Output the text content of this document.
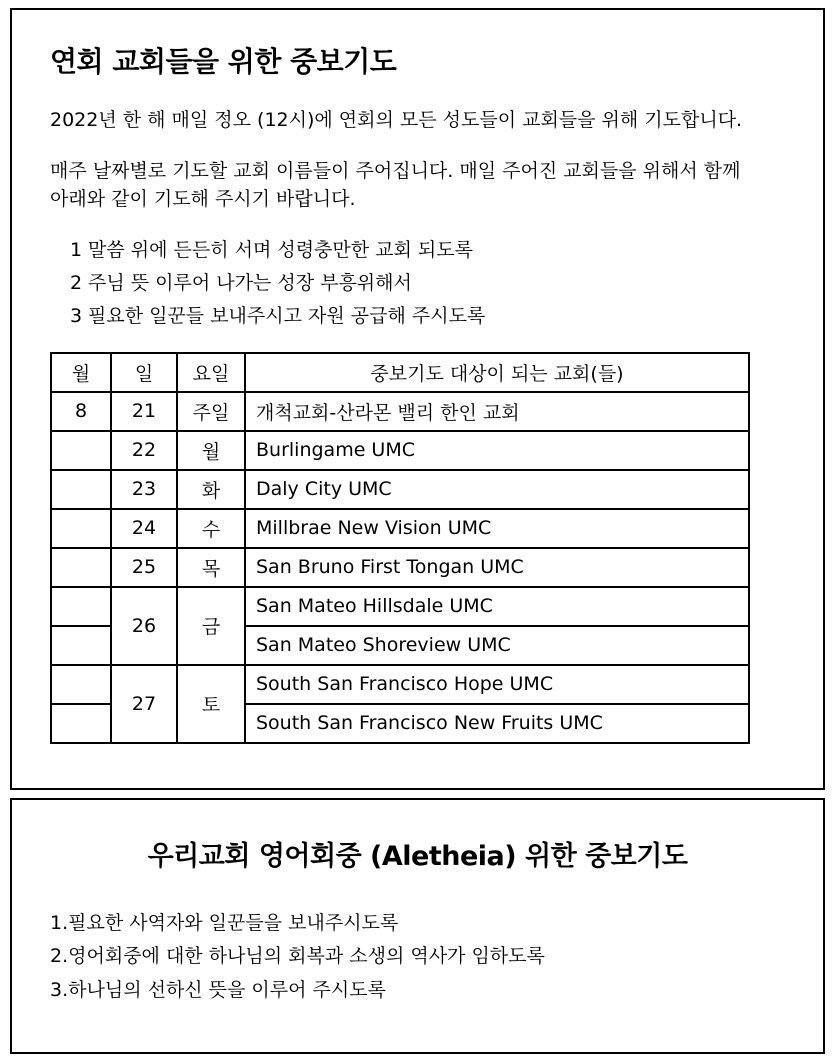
연회 교회들을 위한 중보기도

2022년 한 해 매일 정오 (12시)에 연회의 모든 성도들이 교회들을 위해 기도합니다.

매주 날짜별로 기도할 교회 이름들이 주어집니다. 매일 주어진 교회들을 위해서 함께 아래와 같이 기도해 주시기 바랍니다.

1 말씀 위에 든든히 서며 성령충만한 교회 되도록
2 주님 뜻 이루어 나가는 성장 부흥위해서
3 필요한 일꾼들 보내주시고 자원 공급해 주시도록
월	일	요일	중보기도 대상이 되는 교회(들)
8	21	주일	개척교회-산라몬 밸리 한인 교회
	22	월	Burlingame UMC
	23	화	Daly City UMC
	24	수	Millbrae New Vision UMC
	25	목	San Bruno First Tongan UMC
	26	금	San Mateo Hillsdale UMC
			San Mateo Shoreview UMC
	27	토	South San Francisco Hope UMC
			South San Francisco New Fruits UMC
우리교회 영어회중 (Aletheia) 위한 중보기도
1.필요한 사역자와 일꾼들을 보내주시도록
2.영어회중에 대한 하나님의 회복과 소생의 역사가 임하도록
3.하나님의 선하신 뜻을 이루어 주시도록
